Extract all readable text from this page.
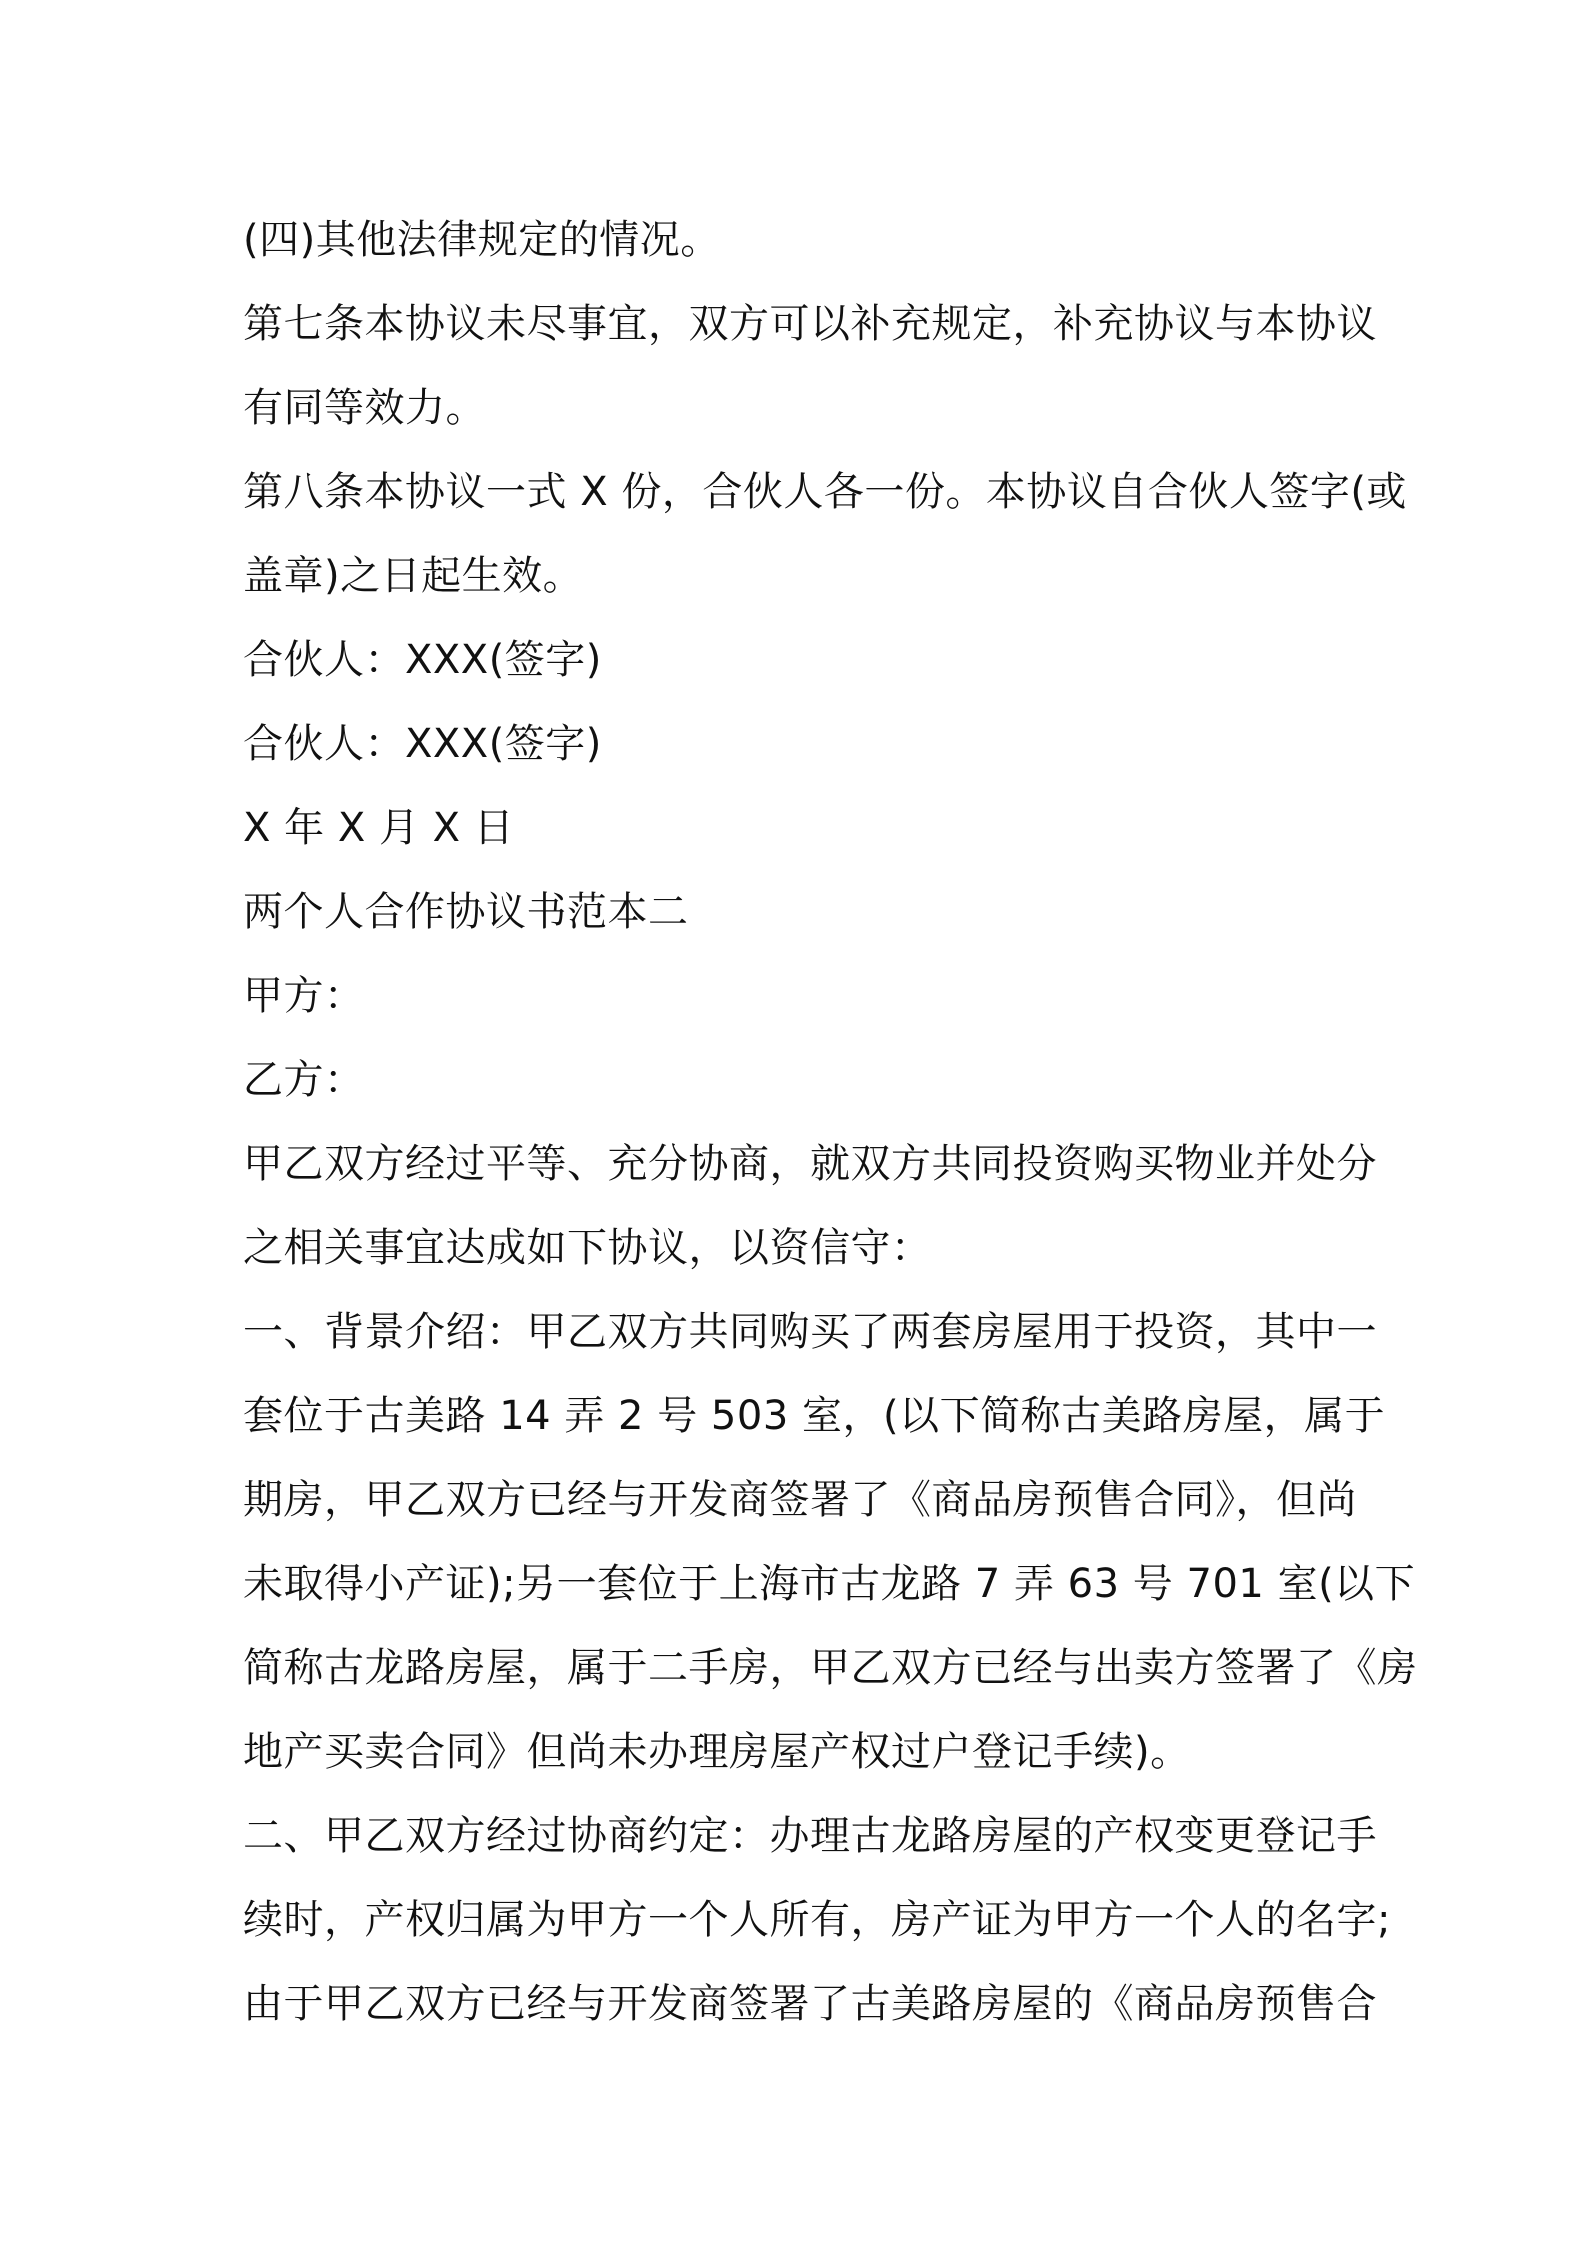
(四)其他法律规定的情况。
第七条本协议未尽事宜，双方可以补充规定，补充协议与本协议
有同等效力。
第八条本协议一式 X 份，合伙人各一份。本协议自合伙人签字(或
盖章)之日起生效。
合伙人：XXX(签字)
合伙人：XXX(签字)
X 年 X 月 X 日
两个人合作协议书范本二
甲方：
乙方：
甲乙双方经过平等、充分协商，就双方共同投资购买物业并处分
之相关事宜达成如下协议，以资信守：
一、背景介绍：甲乙双方共同购买了两套房屋用于投资，其中一
套位于古美路 14 弄 2 号 503 室，(以下简称古美路房屋，属于
期房，甲乙双方已经与开发商签署了《商品房预售合同》，但尚
未取得小产证);另一套位于上海市古龙路 7 弄 63 号 701 室(以下
简称古龙路房屋，属于二手房，甲乙双方已经与出卖方签署了《房
地产买卖合同》但尚未办理房屋产权过户登记手续)。
二、甲乙双方经过协商约定：办理古龙路房屋的产权变更登记手
续时，产权归属为甲方一个人所有，房产证为甲方一个人的名字;
由于甲乙双方已经与开发商签署了古美路房屋的《商品房预售合
